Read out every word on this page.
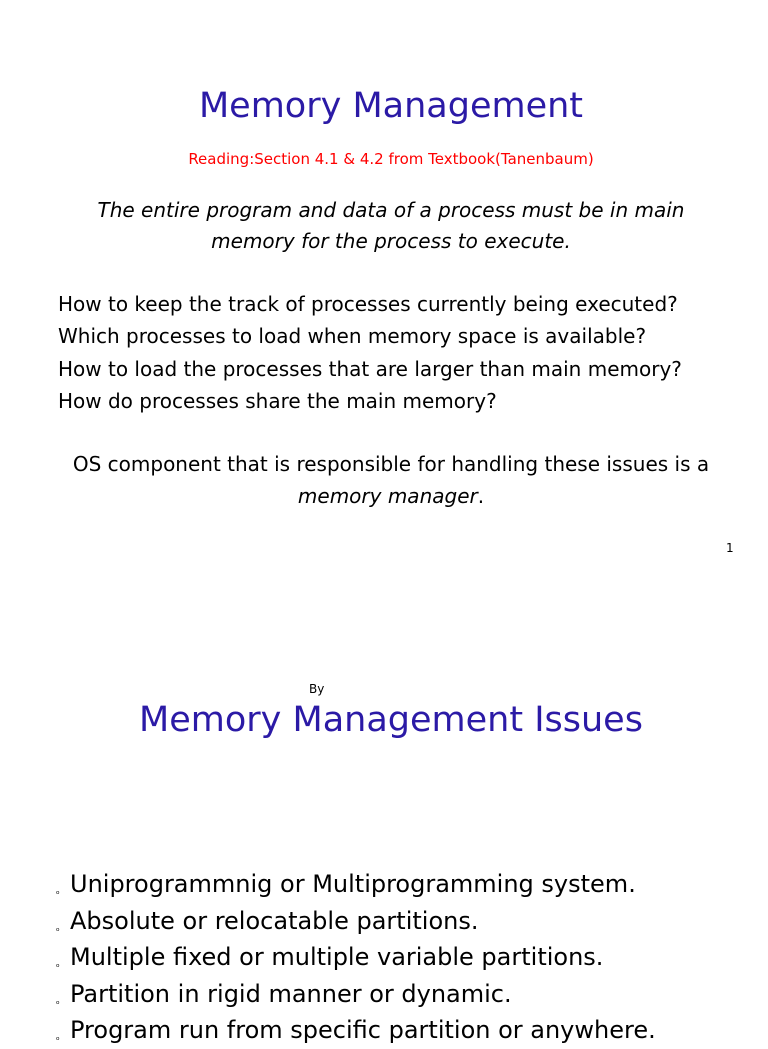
Memory Management
Reading:Section 4.1 & 4.2 from Textbook(Tanenbaum)

The entire program and data of a process must be in main
memory for the process to execute.

How to keep the track of processes currently being executed?
Which processes to load when memory space is available?
How to load the processes that are larger than main memory?
How do processes share the main memory?

OS component that is responsible for handling these issues is a
memory manager.

1
By
Memory Management Issues
ₒ Uniprogrammnig or Multiprogramming system.
ₒ Absolute or relocatable partitions.
ₒ Multiple fixed or multiple variable partitions.
ₒ Partition in rigid manner or dynamic.
ₒ Program run from specific partition or anywhere.
